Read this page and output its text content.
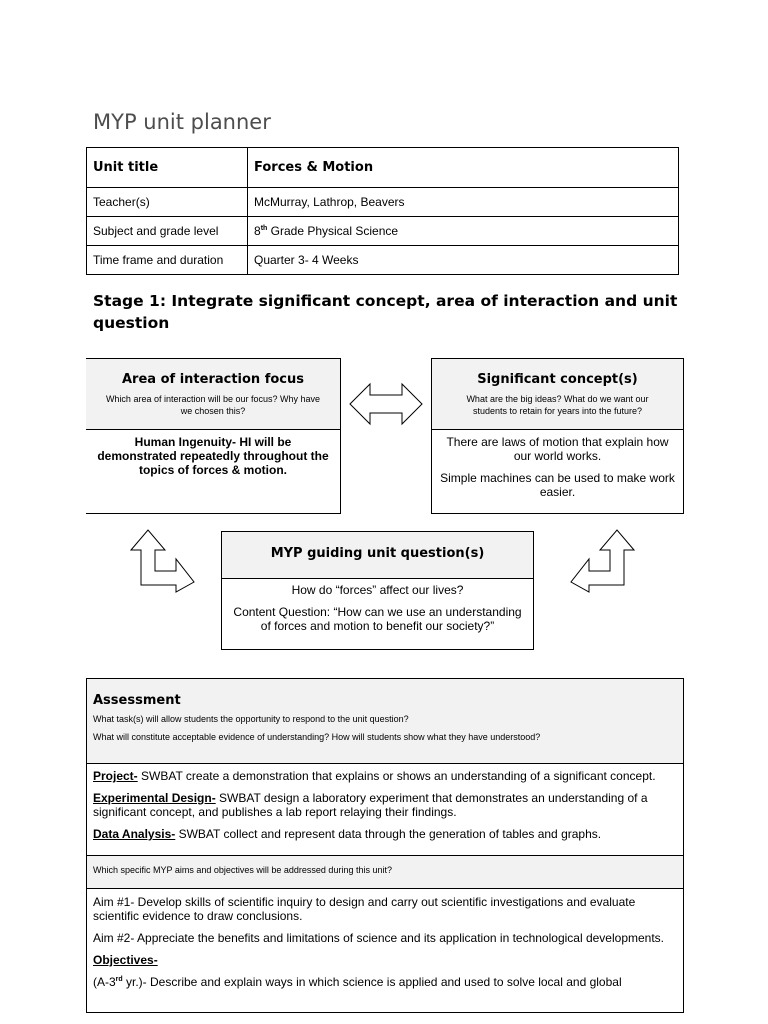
MYP unit planner
Unit title	Forces & Motion
Teacher(s)	McMurray, Lathrop, Beavers
Subject and grade level	8th Grade Physical Science
Time frame and duration	Quarter 3- 4 Weeks
Stage 1: Integrate significant concept, area of interaction and unit question
Area of interaction focus
Which area of interaction will be our focus? Why have we chosen this?

Human Ingenuity- HI will be demonstrated repeatedly throughout the topics of forces & motion.

Significant concept(s)
What are the big ideas? What do we want our students to retain for years into the future?

There are laws of motion that explain how our world works.

Simple machines can be used to make work easier.

MYP guiding unit question(s)

How do “forces” affect our lives?

Content Question: “How can we use an understanding of forces and motion to benefit our society?”

Assessment
What task(s) will allow students the opportunity to respond to the unit question?
What will constitute acceptable evidence of understanding? How will students show what they have understood?

Project- SWBAT create a demonstration that explains or shows an understanding of a significant concept.

Experimental Design- SWBAT design a laboratory experiment that demonstrates an understanding of a significant concept, and publishes a lab report relaying their findings.

Data Analysis- SWBAT collect and represent data through the generation of tables and graphs.

Which specific MYP aims and objectives will be addressed during this unit?

Aim #1- Develop skills of scientific inquiry to design and carry out scientific investigations and evaluate scientific evidence to draw conclusions.

Aim #2- Appreciate the benefits and limitations of science and its application in technological developments.

Objectives-

(A-3rd yr.)- Describe and explain ways in which science is applied and used to solve local and global
